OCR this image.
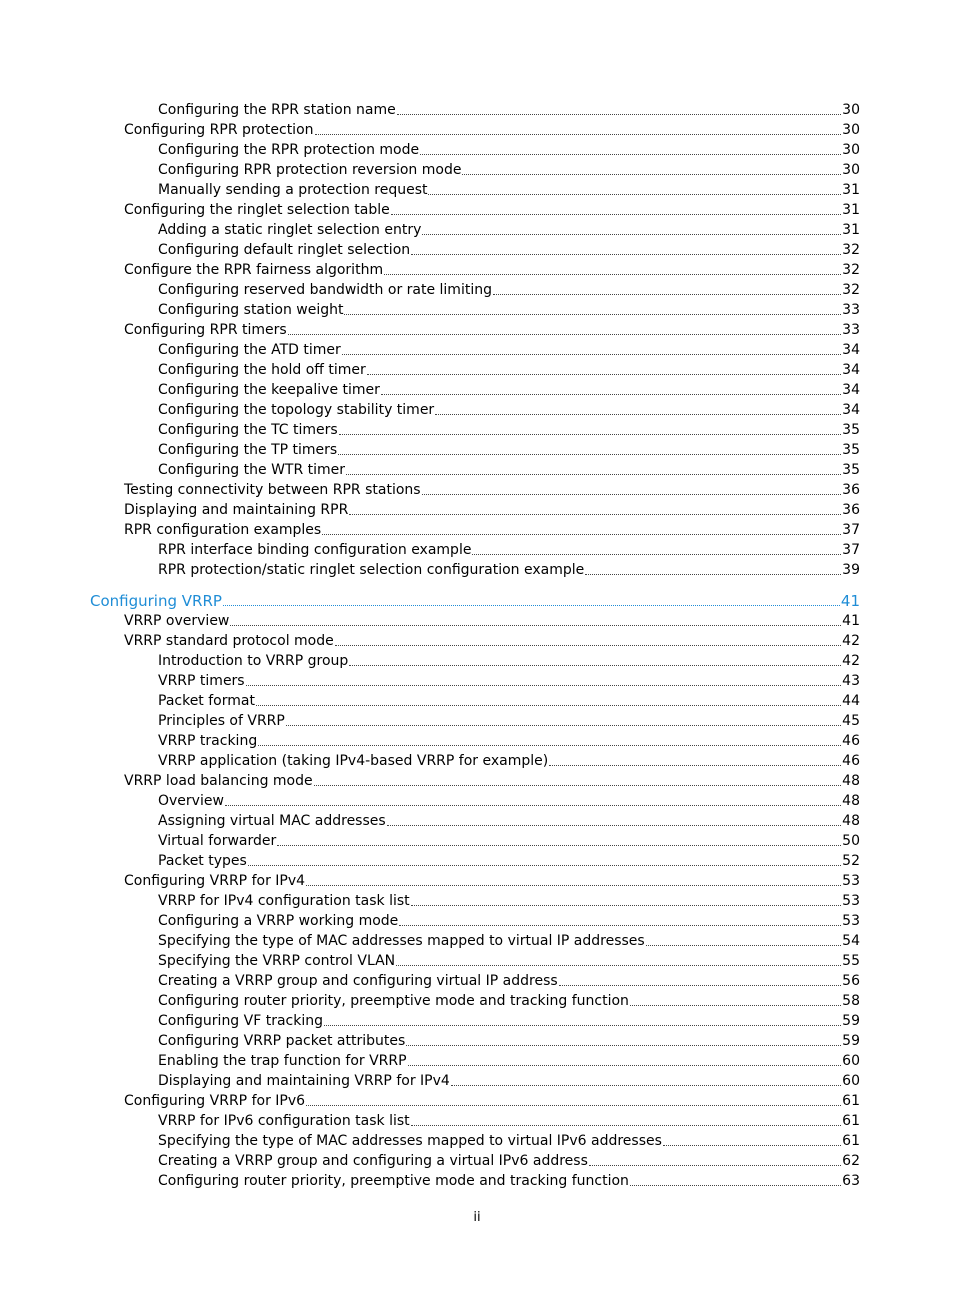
Configuring the RPR station name	30
Configuring RPR protection	30
Configuring the RPR protection mode	30
Configuring RPR protection reversion mode	30
Manually sending a protection request	31
Configuring the ringlet selection table	31
Adding a static ringlet selection entry	31
Configuring default ringlet selection	32
Configure the RPR fairness algorithm	32
Configuring reserved bandwidth or rate limiting	32
Configuring station weight	33
Configuring RPR timers	33
Configuring the ATD timer	34
Configuring the hold off timer	34
Configuring the keepalive timer	34
Configuring the topology stability timer	34
Configuring the TC timers	35
Configuring the TP timers	35
Configuring the WTR timer	35
Testing connectivity between RPR stations	36
Displaying and maintaining RPR	36
RPR configuration examples	37
RPR interface binding configuration example	37
RPR protection/static ringlet selection configuration example	39
Configuring VRRP	41
VRRP overview	41
VRRP standard protocol mode	42
Introduction to VRRP group	42
VRRP timers	43
Packet format	44
Principles of VRRP	45
VRRP tracking	46
VRRP application (taking IPv4-based VRRP for example)	46
VRRP load balancing mode	48
Overview	48
Assigning virtual MAC addresses	48
Virtual forwarder	50
Packet types	52
Configuring VRRP for IPv4	53
VRRP for IPv4 configuration task list	53
Configuring a VRRP working mode	53
Specifying the type of MAC addresses mapped to virtual IP addresses	54
Specifying the VRRP control VLAN	55
Creating a VRRP group and configuring virtual IP address	56
Configuring router priority, preemptive mode and tracking function	58
Configuring VF tracking	59
Configuring VRRP packet attributes	59
Enabling the trap function for VRRP	60
Displaying and maintaining VRRP for IPv4	60
Configuring VRRP for IPv6	61
VRRP for IPv6 configuration task list	61
Specifying the type of MAC addresses mapped to virtual IPv6 addresses	61
Creating a VRRP group and configuring a virtual IPv6 address	62
Configuring router priority, preemptive mode and tracking function	63
ii
